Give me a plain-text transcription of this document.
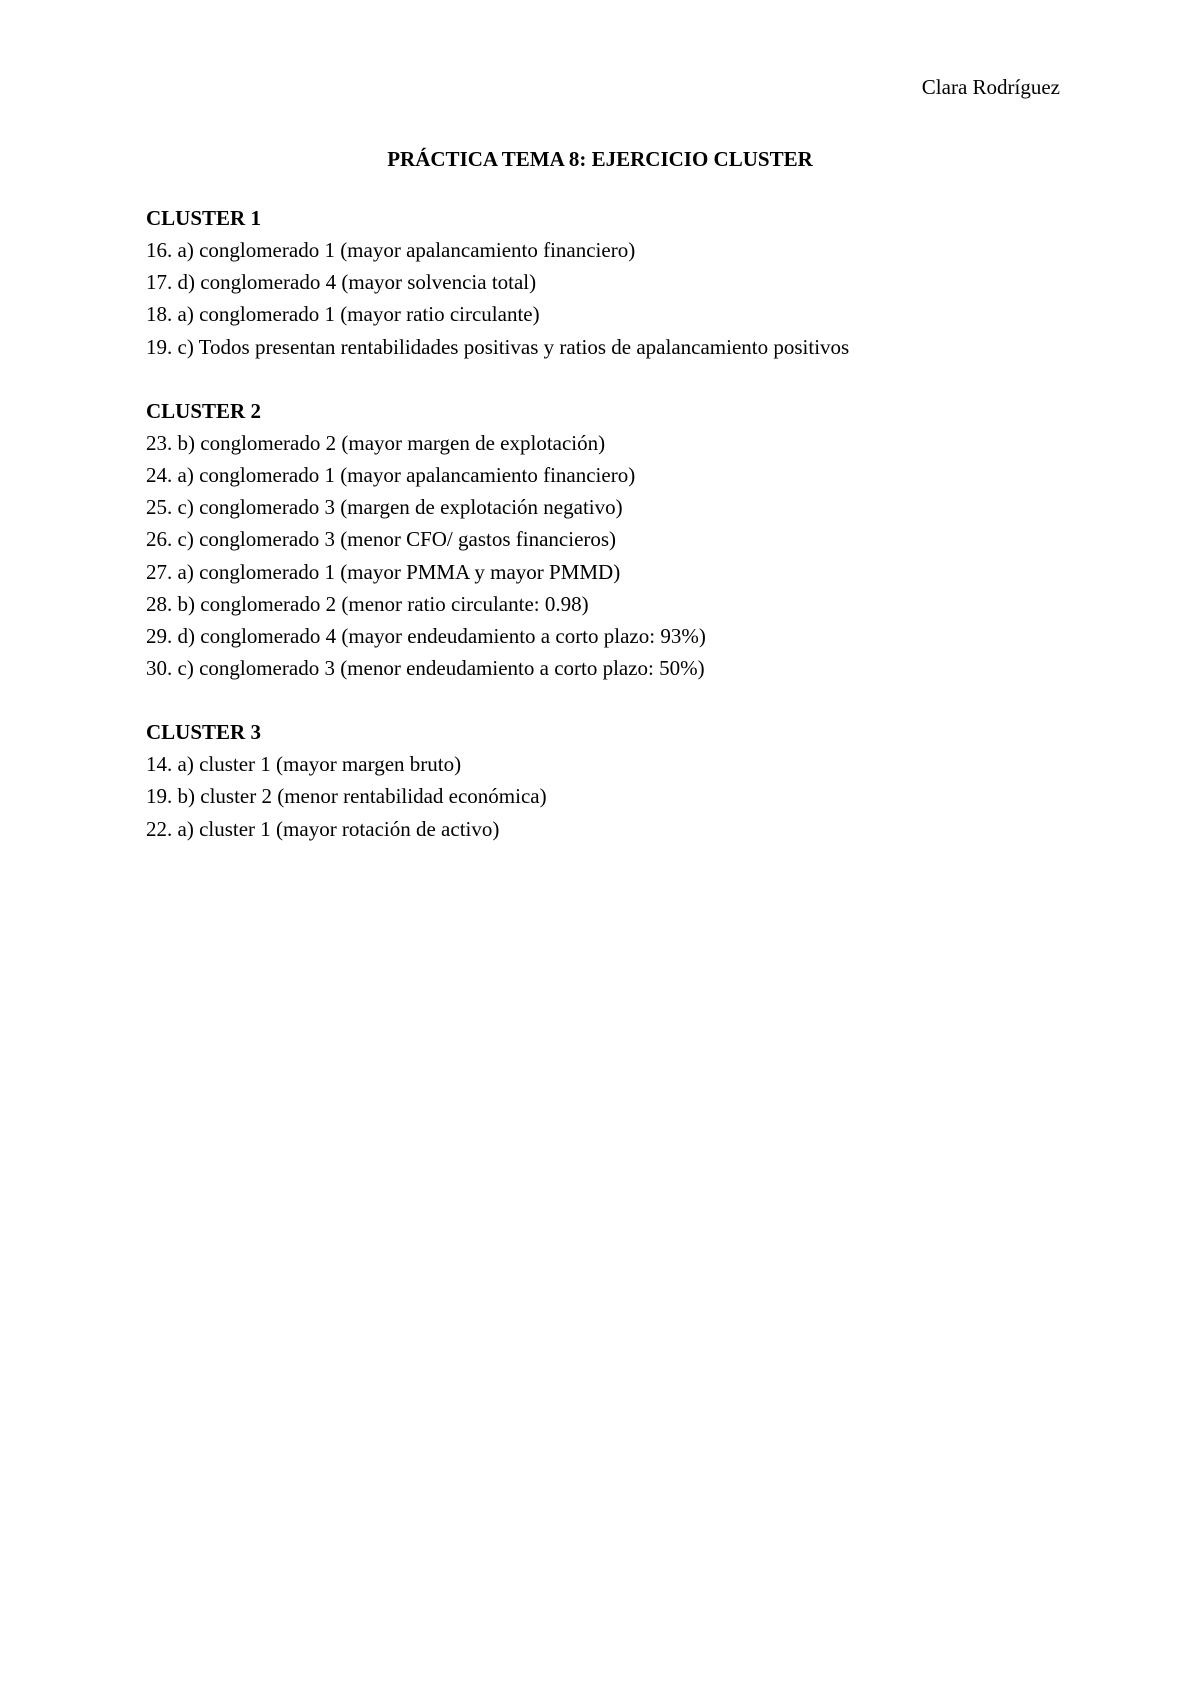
Clara Rodríguez
PRÁCTICA TEMA 8: EJERCICIO CLUSTER
CLUSTER 1
16. a) conglomerado 1 (mayor apalancamiento financiero)
17. d) conglomerado 4 (mayor solvencia total)
18. a) conglomerado 1 (mayor ratio circulante)
19. c) Todos presentan rentabilidades positivas y ratios de apalancamiento positivos
CLUSTER 2
23. b) conglomerado 2 (mayor margen de explotación)
24. a) conglomerado 1 (mayor apalancamiento financiero)
25. c) conglomerado 3 (margen de explotación negativo)
26. c) conglomerado 3 (menor CFO/ gastos financieros)
27. a) conglomerado 1 (mayor PMMA y mayor PMMD)
28. b) conglomerado 2 (menor ratio circulante: 0.98)
29. d) conglomerado 4 (mayor endeudamiento a corto plazo: 93%)
30. c) conglomerado 3 (menor endeudamiento a corto plazo: 50%)
CLUSTER 3
14. a) cluster 1 (mayor margen bruto)
19. b) cluster 2 (menor rentabilidad económica)
22. a) cluster 1 (mayor rotación de activo)
